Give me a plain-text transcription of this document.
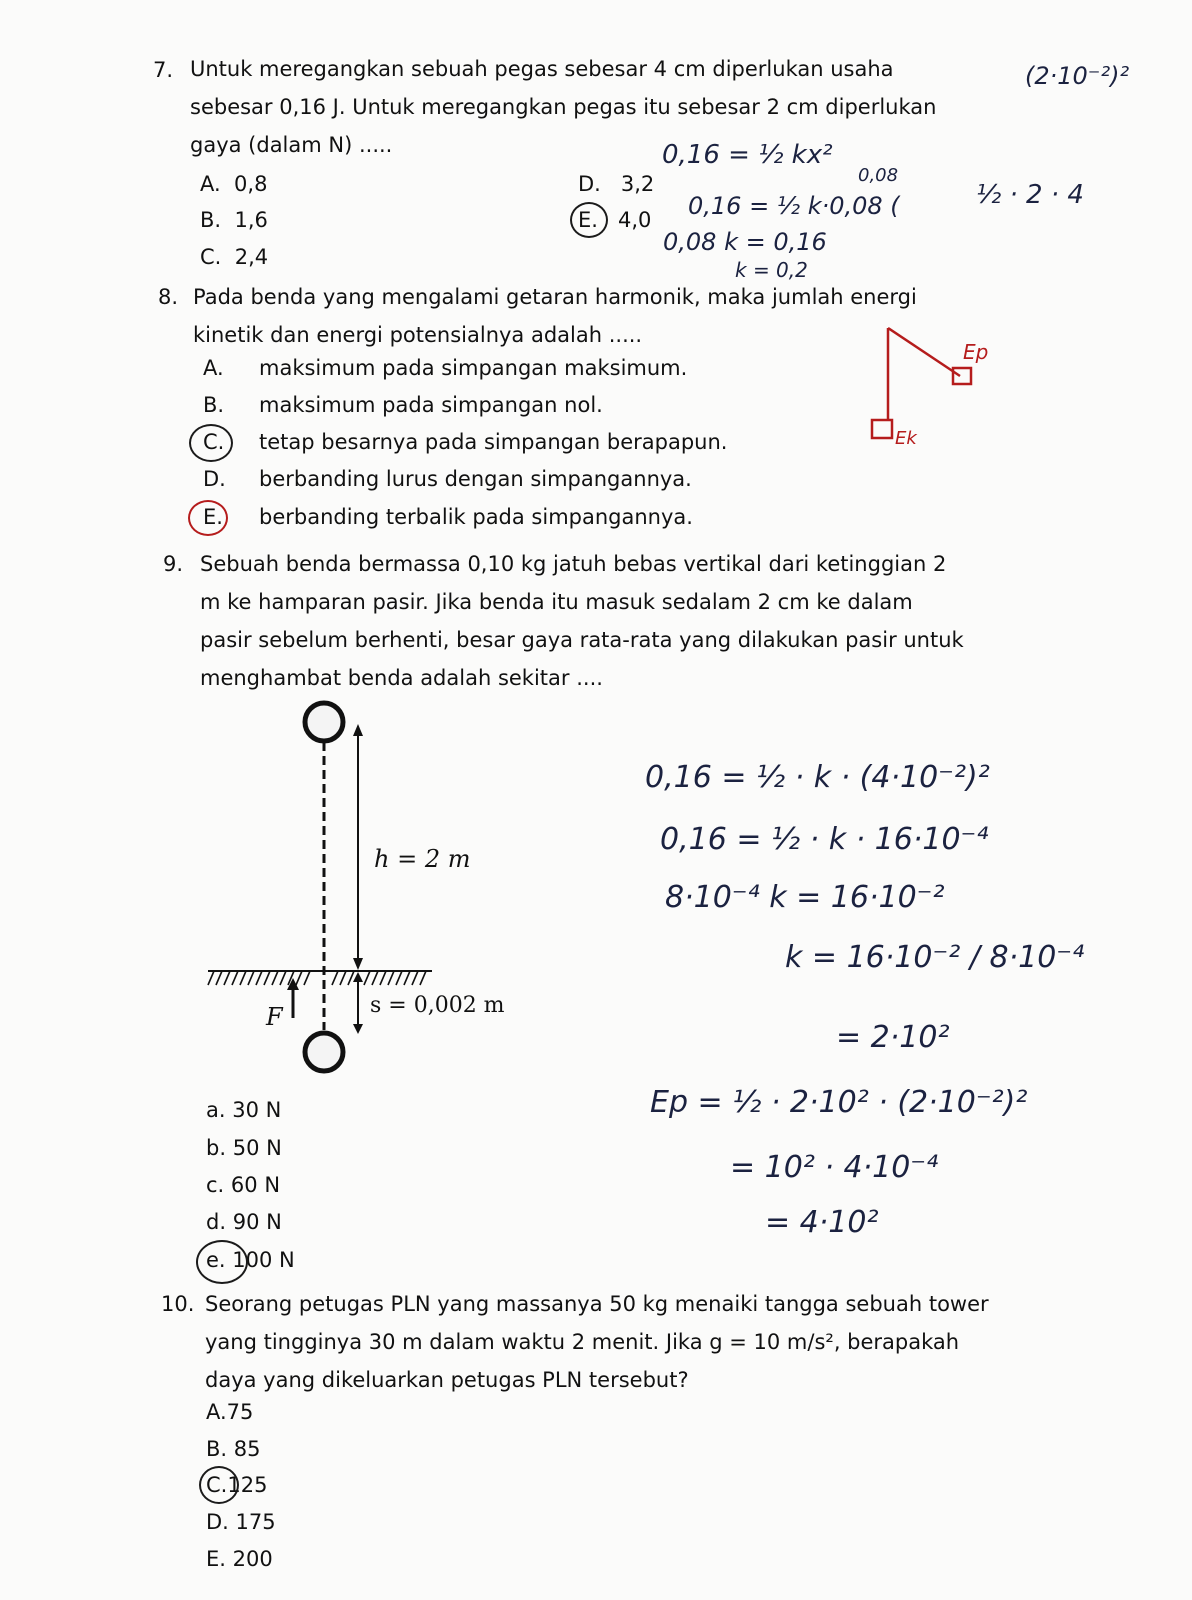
7. Untuk meregangkan sebuah pegas sebesar 4 cm diperlukan usaha
sebesar 0,16 J. Untuk meregangkan pegas itu sebesar 2 cm diperlukan
gaya (dalam N) .....
A. 0,8
B. 1,6
C. 2,4
D. 3,2
E. 4,0
(2·10⁻²)²
0,16 = ½ kx²
0,08
0,16 = ½ k·0,08 (	½ · 2 · 4
0,08 k = 0,16
k = 0,2
8. Pada benda yang mengalami getaran harmonik, maka jumlah energi
kinetik dan energi potensialnya adalah .....
A. maksimum pada simpangan maksimum.
B. maksimum pada simpangan nol.
C. tetap besarnya pada simpangan berapapun.
D. berbanding lurus dengan simpangannya.
E. berbanding terbalik pada simpangannya.
Ep
Ek
9. Sebuah benda bermassa 0,10 kg jatuh bebas vertikal dari ketinggian 2
m ke hamparan pasir. Jika benda itu masuk sedalam 2 cm ke dalam
pasir sebelum berhenti, besar gaya rata-rata yang dilakukan pasir untuk
menghambat benda adalah sekitar ....
h = 2 m
s = 0,002 m
F
a. 30 N
b. 50 N
c. 60 N
d. 90 N
e. 100 N
0,16 = ½ · k · (4·10⁻²)²
0,16 = ½ · k · 16·10⁻⁴
8·10⁻⁴ k = 16·10⁻²
k = 16·10⁻² / 8·10⁻⁴
= 2·10²
Ep = ½ · 2·10² · (2·10⁻²)²
= 10² · 4·10⁻⁴
= 4·10²
10. Seorang petugas PLN yang massanya 50 kg menaiki tangga sebuah tower
yang tingginya 30 m dalam waktu 2 menit. Jika g = 10 m/s², berapakah
daya yang dikeluarkan petugas PLN tersebut?
A.75
B. 85
C.125
D. 175
E. 200
